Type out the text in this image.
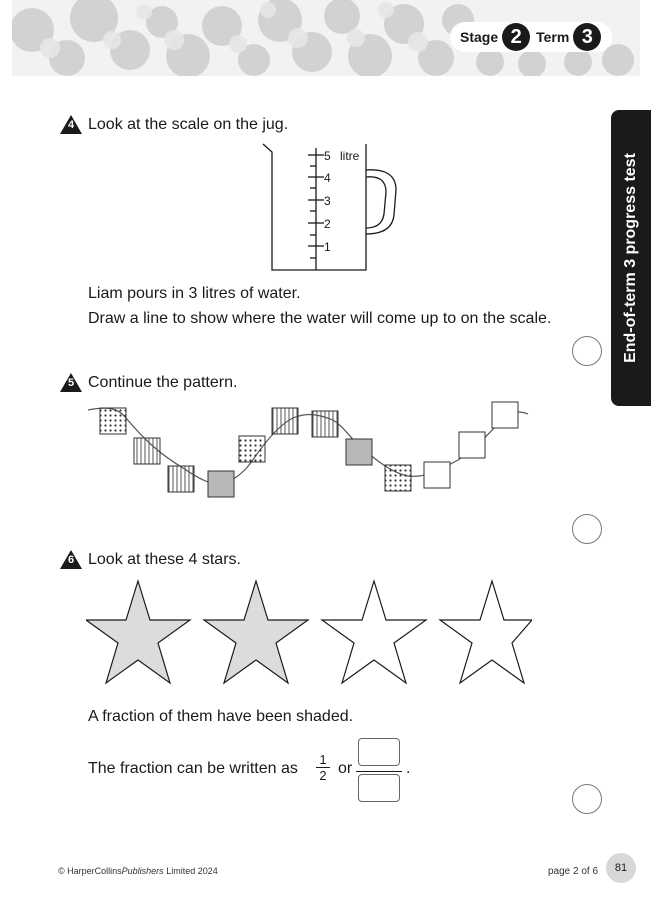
Stage 2	Term 3
End-of-term 3 progress test
4 Look at the scale on the jug.
5 litre
4
3
2
1
Liam pours in 3 litres of water.
Draw a line to show where the water will come up to on the scale.
5 Continue the pattern.
6 Look at these 4 stars.
A fraction of them have been shaded.
The fraction can be written as $\frac{1}{2}$ or	.
© HarperCollinsPublishers Limited 2024	page 2 of 6	81
